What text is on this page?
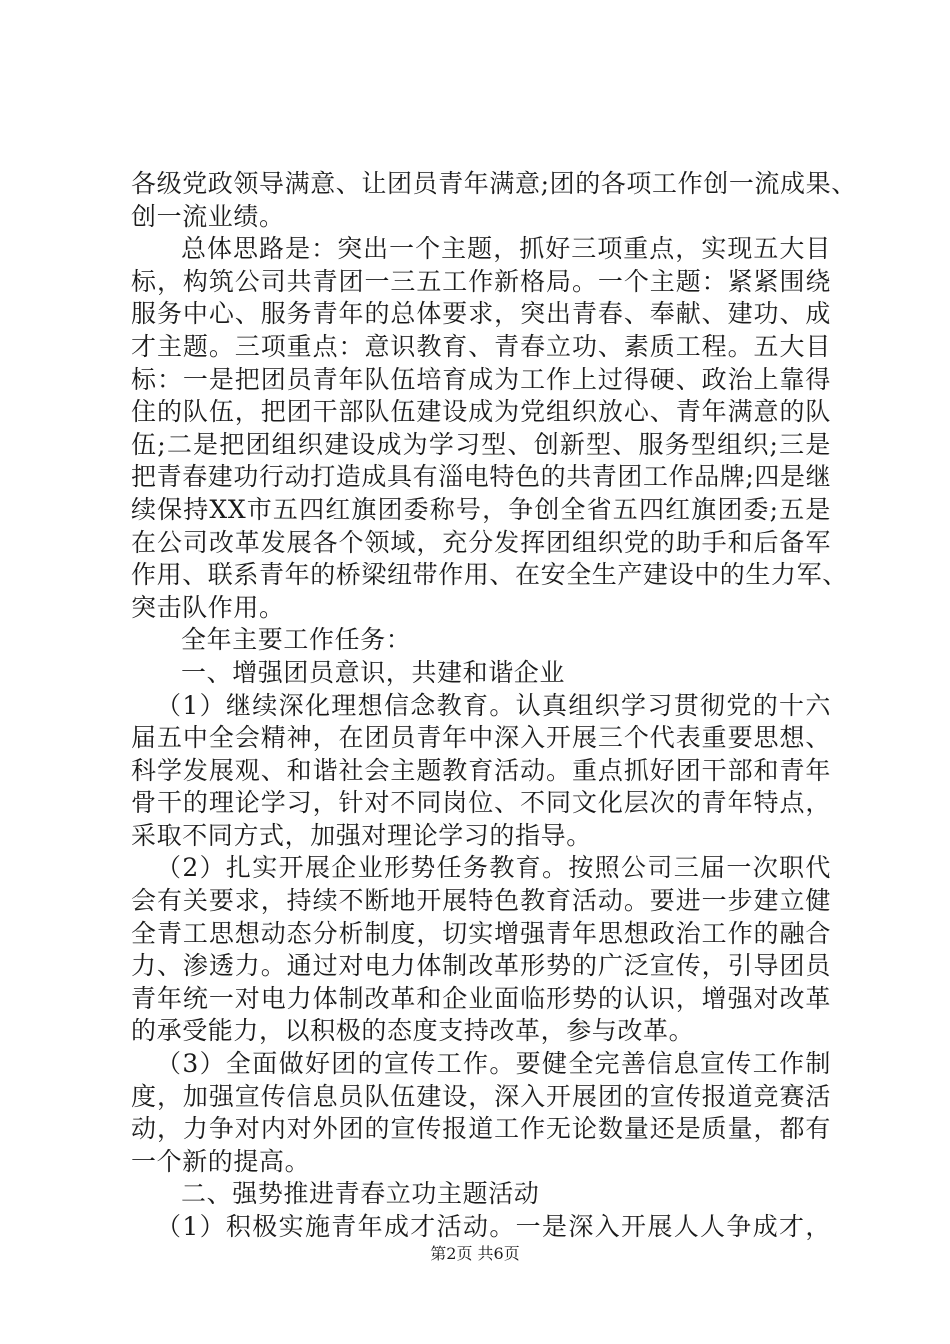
各级党政领导满意、让团员青年满意;团的各项工作创一流成果、
创一流业绩。
总体思路是：突出一个主题，抓好三项重点，实现五大目
标，构筑公司共青团一三五工作新格局。一个主题：紧紧围绕
服务中心、服务青年的总体要求，突出青春、奉献、建功、成
才主题。三项重点：意识教育、青春立功、素质工程。五大目
标：一是把团员青年队伍培育成为工作上过得硬、政治上靠得
住的队伍，把团干部队伍建设成为党组织放心、青年满意的队
伍;二是把团组织建设成为学习型、创新型、服务型组织;三是
把青春建功行动打造成具有淄电特色的共青团工作品牌;四是继
续保持XX市五四红旗团委称号，争创全省五四红旗团委;五是
在公司改革发展各个领域，充分发挥团组织党的助手和后备军
作用、联系青年的桥梁纽带作用、在安全生产建设中的生力军、
突击队作用。
全年主要工作任务：
一、增强团员意识，共建和谐企业
（1）继续深化理想信念教育。认真组织学习贯彻党的十六
届五中全会精神，在团员青年中深入开展三个代表重要思想、
科学发展观、和谐社会主题教育活动。重点抓好团干部和青年
骨干的理论学习，针对不同岗位、不同文化层次的青年特点，
采取不同方式，加强对理论学习的指导。
（2）扎实开展企业形势任务教育。按照公司三届一次职代
会有关要求，持续不断地开展特色教育活动。要进一步建立健
全青工思想动态分析制度，切实增强青年思想政治工作的融合
力、渗透力。通过对电力体制改革形势的广泛宣传，引导团员
青年统一对电力体制改革和企业面临形势的认识，增强对改革
的承受能力，以积极的态度支持改革，参与改革。
（3）全面做好团的宣传工作。要健全完善信息宣传工作制
度，加强宣传信息员队伍建设，深入开展团的宣传报道竞赛活
动，力争对内对外团的宣传报道工作无论数量还是质量，都有
一个新的提高。
二、强势推进青春立功主题活动
（1）积极实施青年成才活动。一是深入开展人人争成才，
第2页 共6页
